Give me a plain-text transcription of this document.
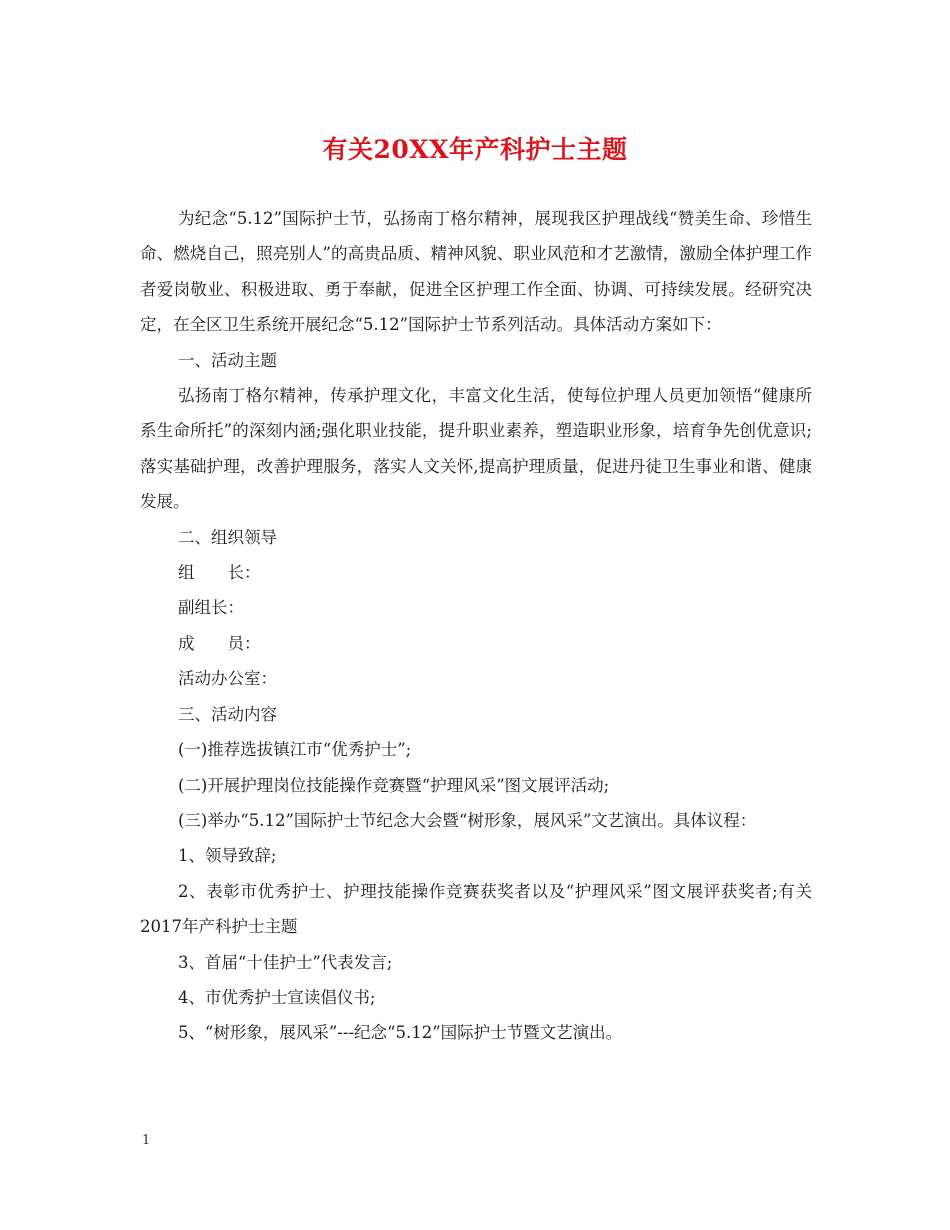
有关20XX年产科护士主题

为纪念“5.12”国际护士节，弘扬南丁格尔精神，展现我区护理战线“赞美生命、珍惜生命、燃烧自己，照亮别人”的高贵品质、精神风貌、职业风范和才艺激情，激励全体护理工作者爱岗敬业、积极进取、勇于奉献，促进全区护理工作全面、协调、可持续发展。经研究决定，在全区卫生系统开展纪念“5.12”国际护士节系列活动。具体活动方案如下：

一、活动主题

弘扬南丁格尔精神，传承护理文化，丰富文化生活，使每位护理人员更加领悟“健康所系生命所托”的深刻内涵;强化职业技能，提升职业素养，塑造职业形象，培育争先创优意识;落实基础护理，改善护理服务，落实人文关怀,提高护理质量，促进丹徒卫生事业和谐、健康发展。

二、组织领导

组　　长：

副组长：

成　　员：

活动办公室：

三、活动内容

(一)推荐选拔镇江市“优秀护士”;

(二)开展护理岗位技能操作竞赛暨“护理风采”图文展评活动;

(三)举办“5.12”国际护士节纪念大会暨“树形象，展风采”文艺演出。具体议程：

1、领导致辞;

2、表彰市优秀护士、护理技能操作竞赛获奖者以及“护理风采”图文展评获奖者;有关2017年产科护士主题

3、首届“十佳护士”代表发言;

4、市优秀护士宣读倡仪书;

5、“树形象，展风采”---纪念“5.12”国际护士节暨文艺演出。

1
